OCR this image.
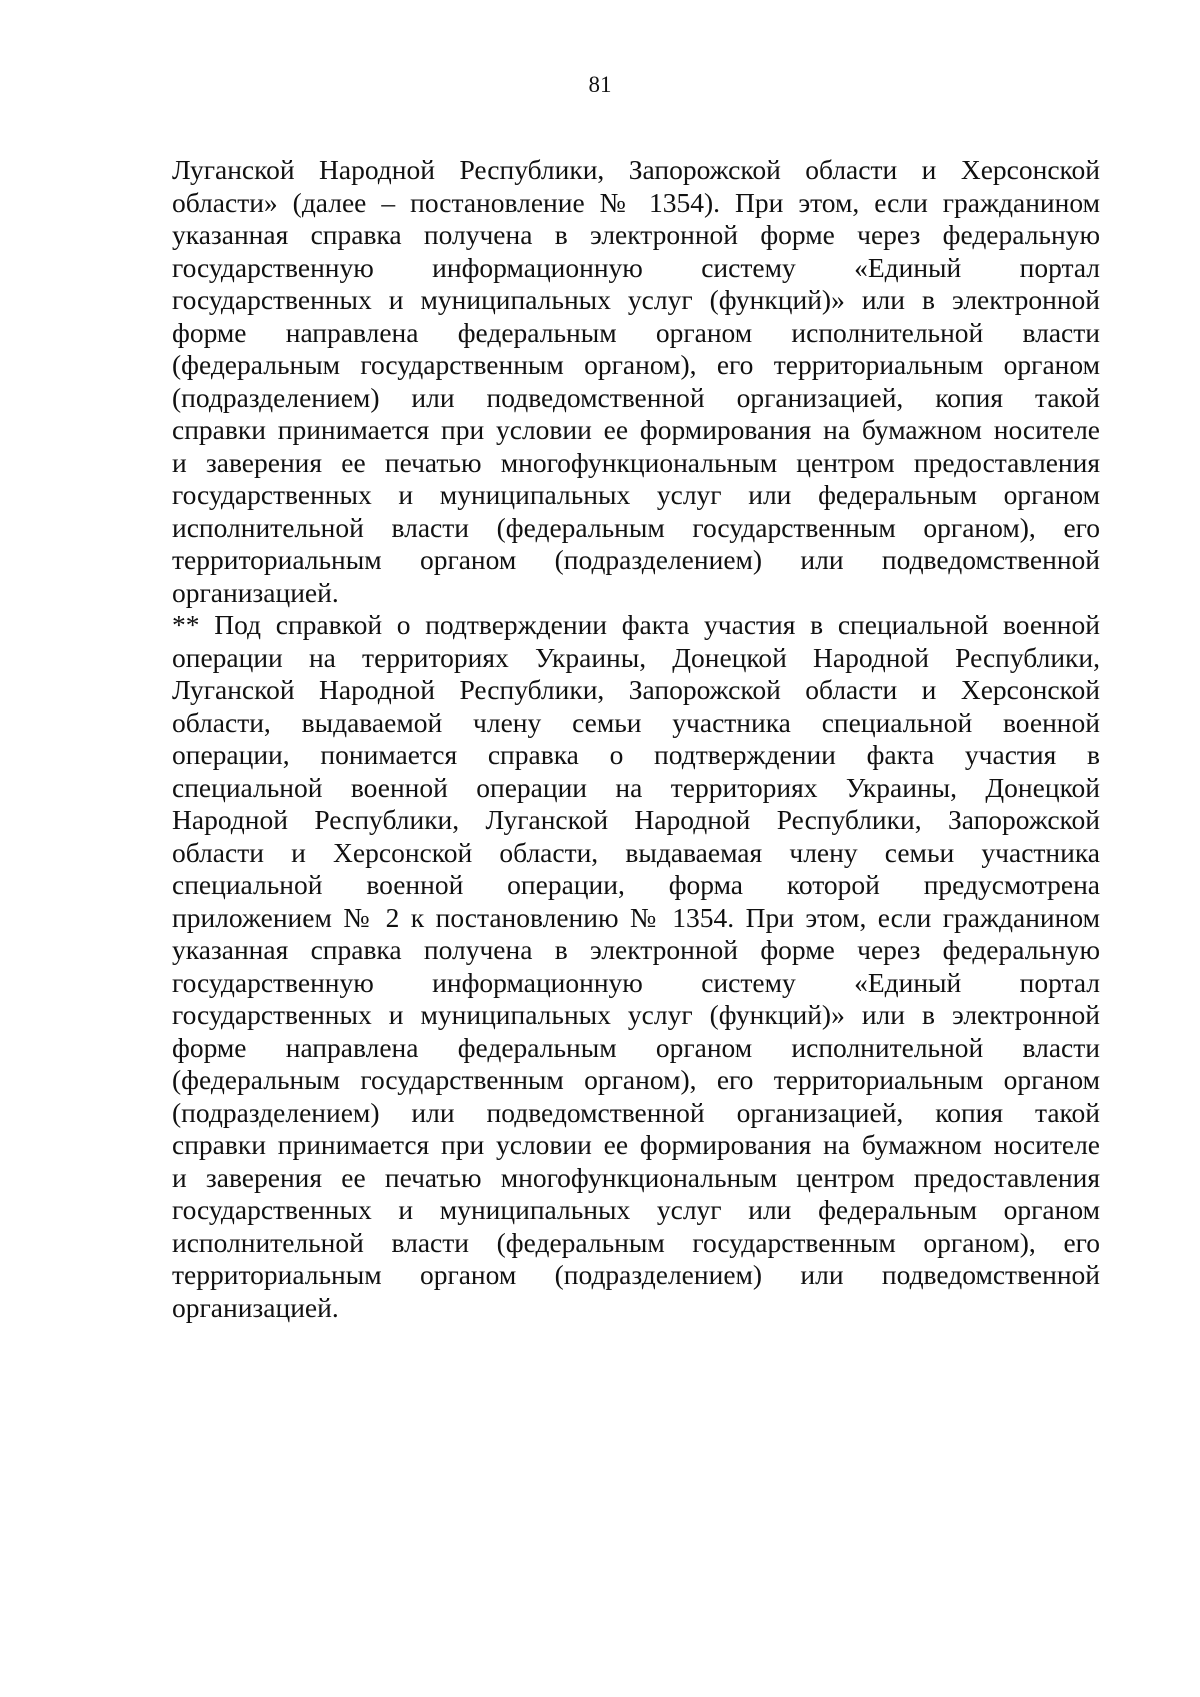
81
Луганской Народной Республики, Запорожской области и Херсонской
области» (далее – постановление № 1354). При этом, если гражданином
указанная справка получена в электронной форме через федеральную
государственную информационную систему «Единый портал
государственных и муниципальных услуг (функций)» или в электронной
форме направлена федеральным органом исполнительной власти
(федеральным государственным органом), его территориальным органом
(подразделением) или подведомственной организацией, копия такой
справки принимается при условии ее формирования на бумажном носителе
и заверения ее печатью многофункциональным центром предоставления
государственных и муниципальных услуг или федеральным органом
исполнительной власти (федеральным государственным органом), его
территориальным органом (подразделением) или подведомственной
организацией.
** Под справкой о подтверждении факта участия в специальной военной
операции на территориях Украины, Донецкой Народной Республики,
Луганской Народной Республики, Запорожской области и Херсонской
области, выдаваемой члену семьи участника специальной военной
операции, понимается справка о подтверждении факта участия в
специальной военной операции на территориях Украины, Донецкой
Народной Республики, Луганской Народной Республики, Запорожской
области и Херсонской области, выдаваемая члену семьи участника
специальной военной операции, форма которой предусмотрена
приложением № 2 к постановлению № 1354. При этом, если гражданином
указанная справка получена в электронной форме через федеральную
государственную информационную систему «Единый портал
государственных и муниципальных услуг (функций)» или в электронной
форме направлена федеральным органом исполнительной власти
(федеральным государственным органом), его территориальным органом
(подразделением) или подведомственной организацией, копия такой
справки принимается при условии ее формирования на бумажном носителе
и заверения ее печатью многофункциональным центром предоставления
государственных и муниципальных услуг или федеральным органом
исполнительной власти (федеральным государственным органом), его
территориальным органом (подразделением) или подведомственной
организацией.
